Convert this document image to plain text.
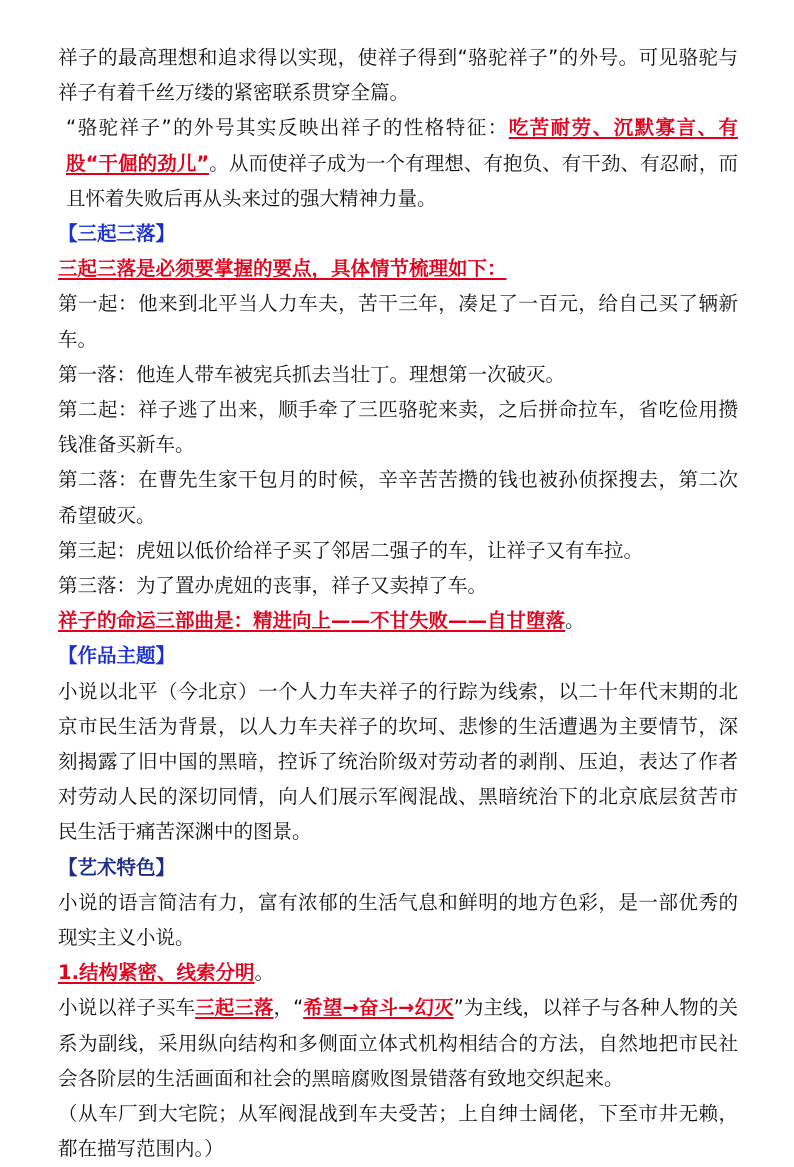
祥子的最高理想和追求得以实现，使祥子得到“骆驼祥子”的外号。可见骆驼与祥子有着千丝万缕的紧密联系贯穿全篇。

“骆驼祥子”的外号其实反映出祥子的性格特征：吃苦耐劳、沉默寡言、有股“干倔的劲儿”。从而使祥子成为一个有理想、有抱负、有干劲、有忍耐，而且怀着失败后再从头来过的强大精神力量。

【三起三落】

三起三落是必须要掌握的要点，具体情节梳理如下：

第一起：他来到北平当人力车夫，苦干三年，凑足了一百元，给自己买了辆新车。

第一落：他连人带车被宪兵抓去当壮丁。理想第一次破灭。

第二起：祥子逃了出来，顺手牵了三匹骆驼来卖，之后拼命拉车，省吃俭用攒钱准备买新车。

第二落：在曹先生家干包月的时候，辛辛苦苦攒的钱也被孙侦探搜去，第二次希望破灭。

第三起：虎妞以低价给祥子买了邻居二强子的车，让祥子又有车拉。

第三落：为了置办虎妞的丧事，祥子又卖掉了车。

祥子的命运三部曲是：精进向上——不甘失败——自甘堕落。

【作品主题】

小说以北平（今北京）一个人力车夫祥子的行踪为线索，以二十年代末期的北京市民生活为背景，以人力车夫祥子的坎坷、悲惨的生活遭遇为主要情节，深刻揭露了旧中国的黑暗，控诉了统治阶级对劳动者的剥削、压迫，表达了作者对劳动人民的深切同情，向人们展示军阀混战、黑暗统治下的北京底层贫苦市民生活于痛苦深渊中的图景。

【艺术特色】

小说的语言简洁有力，富有浓郁的生活气息和鲜明的地方色彩，是一部优秀的现实主义小说。

1.结构紧密、线索分明。

小说以祥子买车三起三落，“希望→奋斗→幻灭”为主线，以祥子与各种人物的关系为副线，采用纵向结构和多侧面立体式机构相结合的方法，自然地把市民社会各阶层的生活画面和社会的黑暗腐败图景错落有致地交织起来。

（从车厂到大宅院；从军阀混战到车夫受苦；上自绅士阔佬，下至市井无赖，都在描写范围内。）
